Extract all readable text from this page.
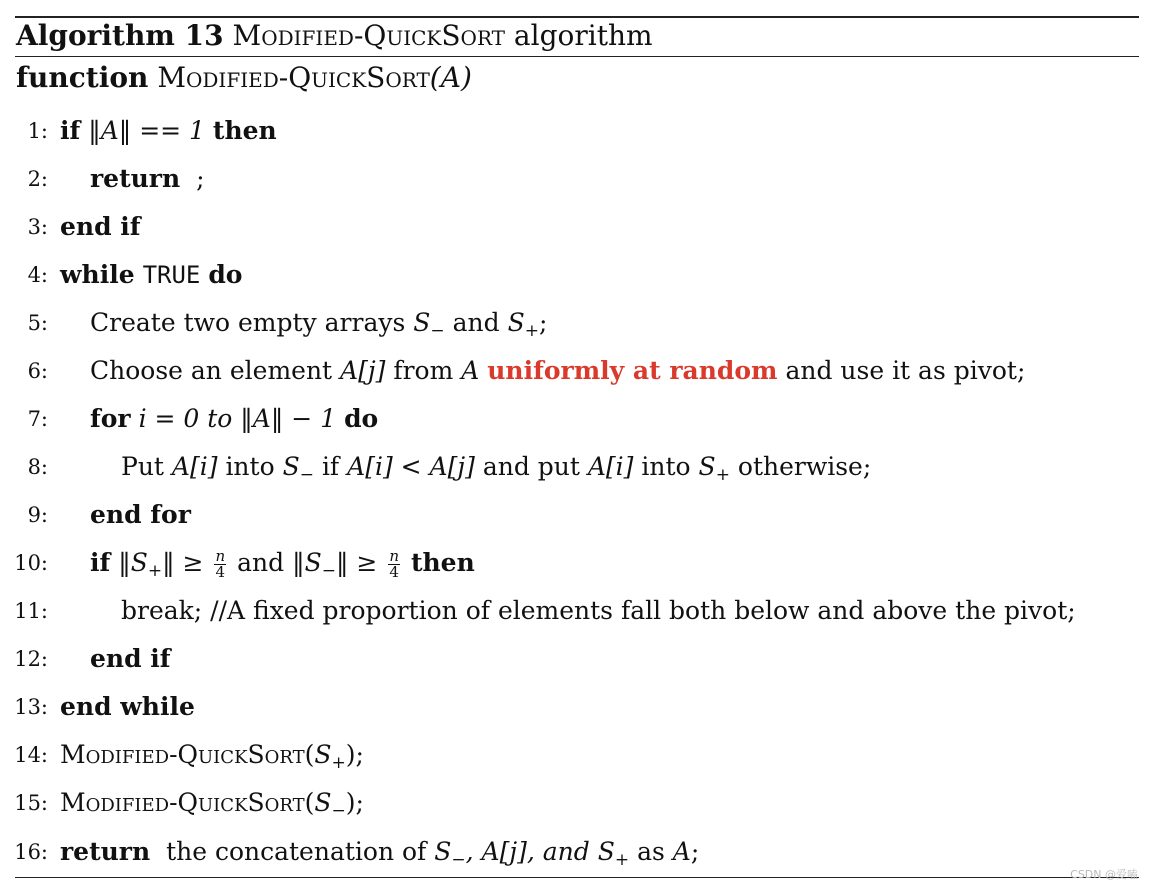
Algorithm 13 Modified-QuickSort algorithm
function Modified-QuickSort(A)
1: if ‖A‖ == 1 then
2: return ;
3: end if
4: while TRUE do
5: Create two empty arrays $S_-$ and $S_+$;
6: Choose an element A[j] from A uniformly at random and use it as pivot;
7: for i = 0 to ‖A‖ − 1 do
8:	Put A[i] into $S_-$ if A[i] < A[j] and put A[i] into $S_+$ otherwise;
9: end for
10: if $‖S_+‖ \ge \frac{n}{4}$ and $‖S_-‖ \ge \frac{n}{4}$ then
11:	break; //A fixed proportion of elements fall both below and above the pivot;
12: end if
13: end while
14: Modified-$QuickSort(S_+)$;
15: Modified-$QuickSort(S_-)$;
16: return the concatenation of $S_-$, A[j], and $S_+$ as A;
CSDN @爱嗑
